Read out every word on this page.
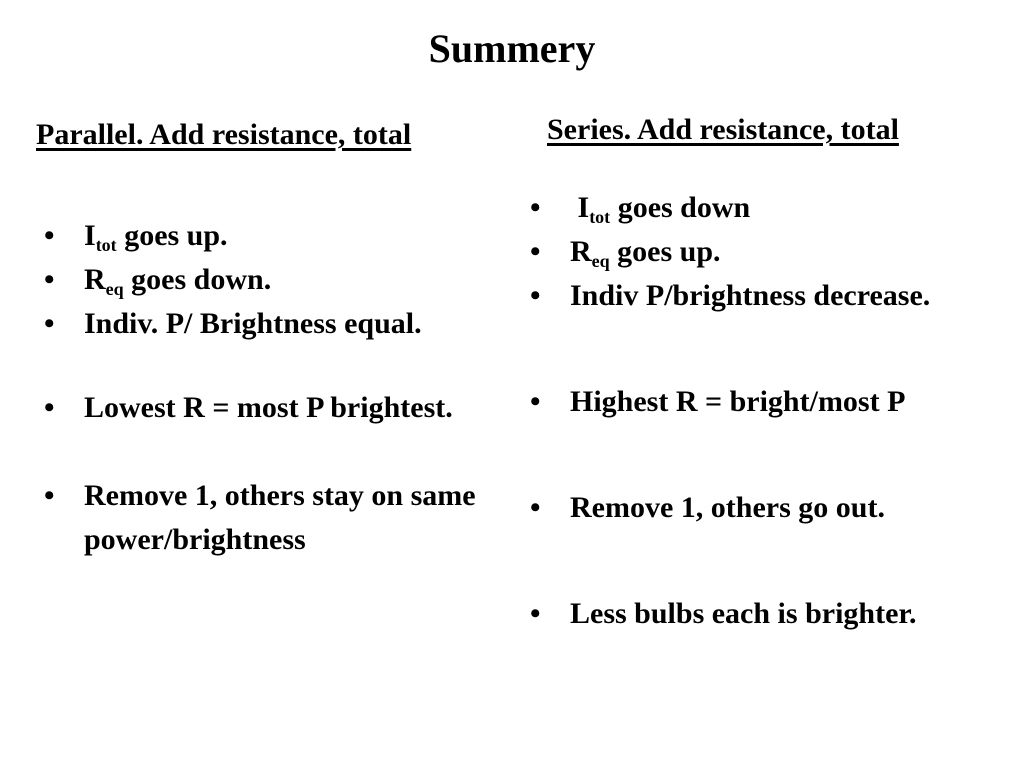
Summery
Parallel. Add resistance, total	Series. Add resistance, total
• $I_{tot}$ goes up.
• $R_{eq}$ goes down.
• Indiv. P/ Brightness equal.
• Lowest R = most P brightest.
• Remove 1, others stay on same power/brightness
• $I_{tot}$ goes down
• $R_{eq}$ goes up.
• Indiv P/brightness decrease.
• Highest R = bright/most P
• Remove 1, others go out.
• Less bulbs each is brighter.
